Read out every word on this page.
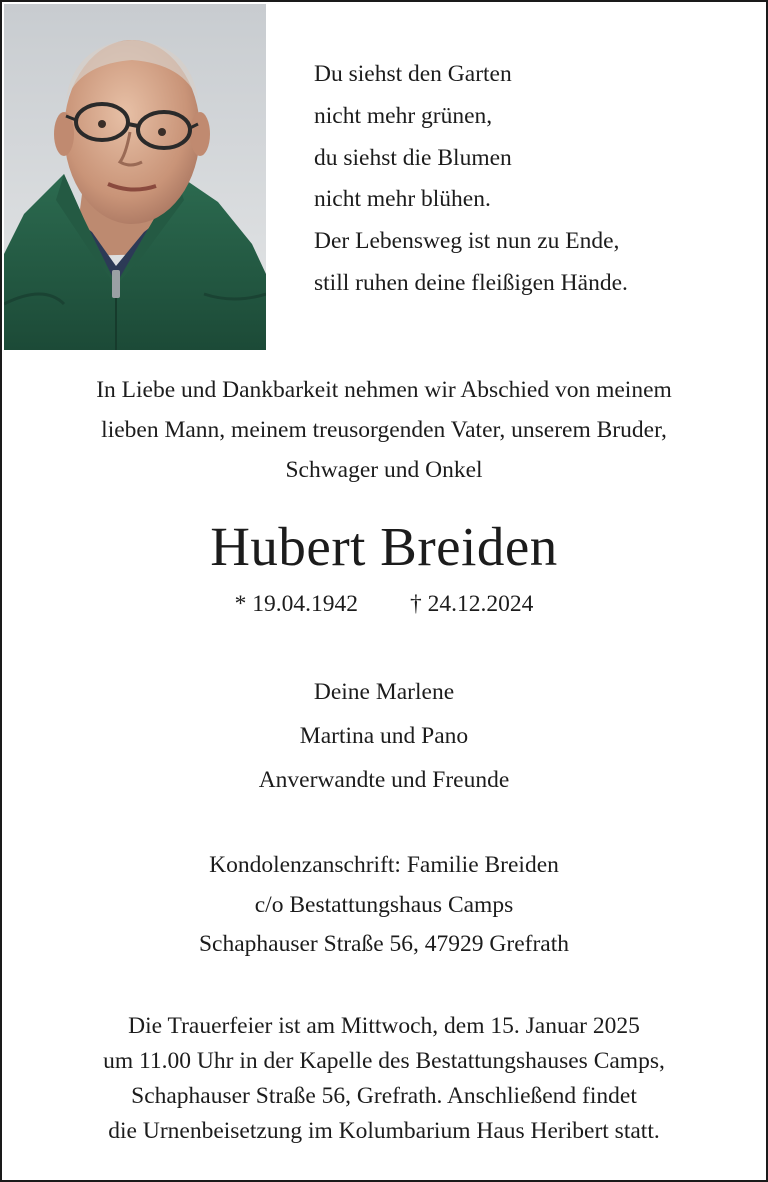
Du siehst den Garten
nicht mehr grünen,
du siehst die Blumen
nicht mehr blühen.
Der Lebensweg ist nun zu Ende,
still ruhen deine fleißigen Hände.
In Liebe und Dankbarkeit nehmen wir Abschied von meinem
lieben Mann, meinem treusorgenden Vater, unserem Bruder,
Schwager und Onkel
Hubert Breiden
* 19.04.1942 † 24.12.2024
Deine Marlene
Martina und Pano
Anverwandte und Freunde
Kondolenzanschrift: Familie Breiden
c/o Bestattungshaus Camps
Schaphauser Straße 56, 47929 Grefrath
Die Trauerfeier ist am Mittwoch, dem 15. Januar 2025
um 11.00 Uhr in der Kapelle des Bestattungshauses Camps,
Schaphauser Straße 56, Grefrath. Anschließend findet
die Urnenbeisetzung im Kolumbarium Haus Heribert statt.
